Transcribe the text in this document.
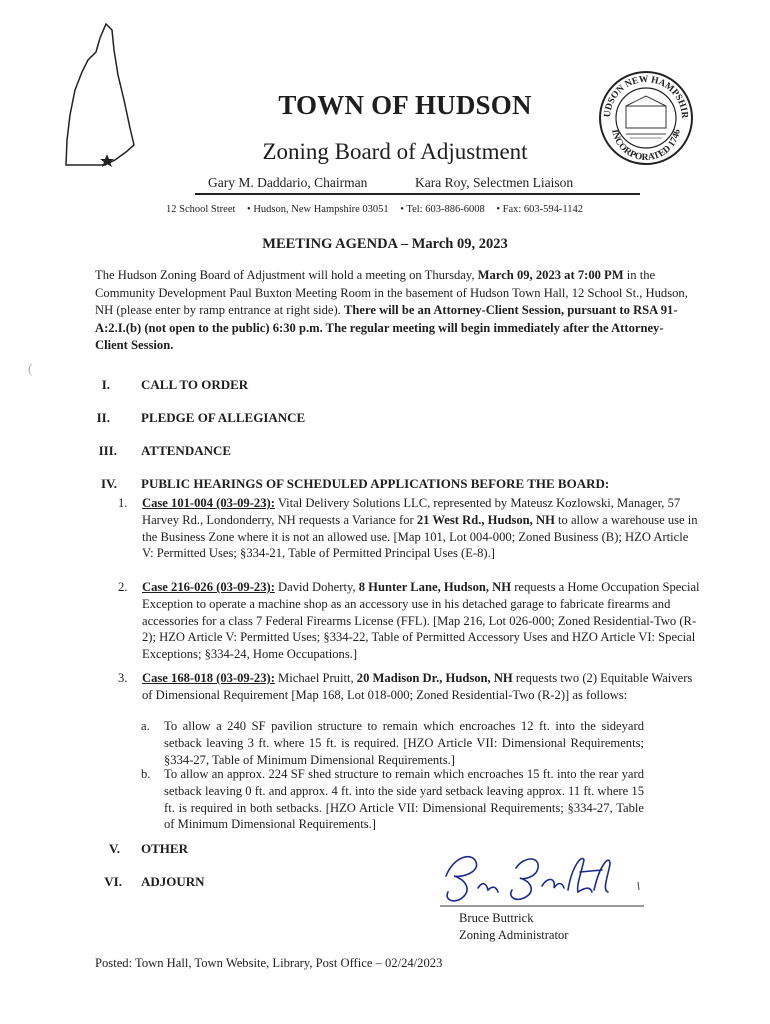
UDSON NEW HAMPSHIR
INCORPORATED 1746
TOWN OF HUDSON
Zoning Board of Adjustment
Gary M. Daddario, Chairman	Kara Roy, Selectmen Liaison
12 School Street • Hudson, New Hampshire 03051 • Tel: 603-886-6008 • Fax: 603-594-1142
MEETING AGENDA – March 09, 2023
The Hudson Zoning Board of Adjustment will hold a meeting on Thursday, March 09, 2023 at 7:00 PM in the Community Development Paul Buxton Meeting Room in the basement of Hudson Town Hall, 12 School St., Hudson, NH (please enter by ramp entrance at right side). There will be an Attorney-Client Session, pursuant to RSA 91-A:2.I.(b) (not open to the public) 6:30 p.m. The regular meeting will begin immediately after the Attorney-Client Session.
(
I. CALL TO ORDER
II. PLEDGE OF ALLEGIANCE
III. ATTENDANCE
IV. PUBLIC HEARINGS OF SCHEDULED APPLICATIONS BEFORE THE BOARD:
1. Case 101-004 (03-09-23): Vital Delivery Solutions LLC, represented by Mateusz Kozlowski, Manager, 57 Harvey Rd., Londonderry, NH requests a Variance for 21 West Rd., Hudson, NH to allow a warehouse use in the Business Zone where it is not an allowed use. [Map 101, Lot 004-000; Zoned Business (B); HZO Article V: Permitted Uses; §334-21, Table of Permitted Principal Uses (E-8).]
2. Case 216-026 (03-09-23): David Doherty, 8 Hunter Lane, Hudson, NH requests a Home Occupation Special Exception to operate a machine shop as an accessory use in his detached garage to fabricate firearms and accessories for a class 7 Federal Firearms License (FFL). [Map 216, Lot 026-000; Zoned Residential-Two (R-2); HZO Article V: Permitted Uses; §334-22, Table of Permitted Accessory Uses and HZO Article VI: Special Exceptions; §334-24, Home Occupations.]
3. Case 168-018 (03-09-23): Michael Pruitt, 20 Madison Dr., Hudson, NH requests two (2) Equitable Waivers of Dimensional Requirement [Map 168, Lot 018-000; Zoned Residential-Two (R-2)] as follows:
a. To allow a 240 SF pavilion structure to remain which encroaches 12 ft. into the sideyard setback leaving 3 ft. where 15 ft. is required. [HZO Article VII: Dimensional Requirements; §334-27, Table of Minimum Dimensional Requirements.]
b. To allow an approx. 224 SF shed structure to remain which encroaches 15 ft. into the rear yard setback leaving 0 ft. and approx. 4 ft. into the side yard setback leaving approx. 11 ft. where 15 ft. is required in both setbacks. [HZO Article VII: Dimensional Requirements; §334-27, Table of Minimum Dimensional Requirements.]
V. OTHER
VI. ADJOURN
Bruce Buttrick
Zoning Administrator
Posted: Town Hall, Town Website, Library, Post Office – 02/24/2023
